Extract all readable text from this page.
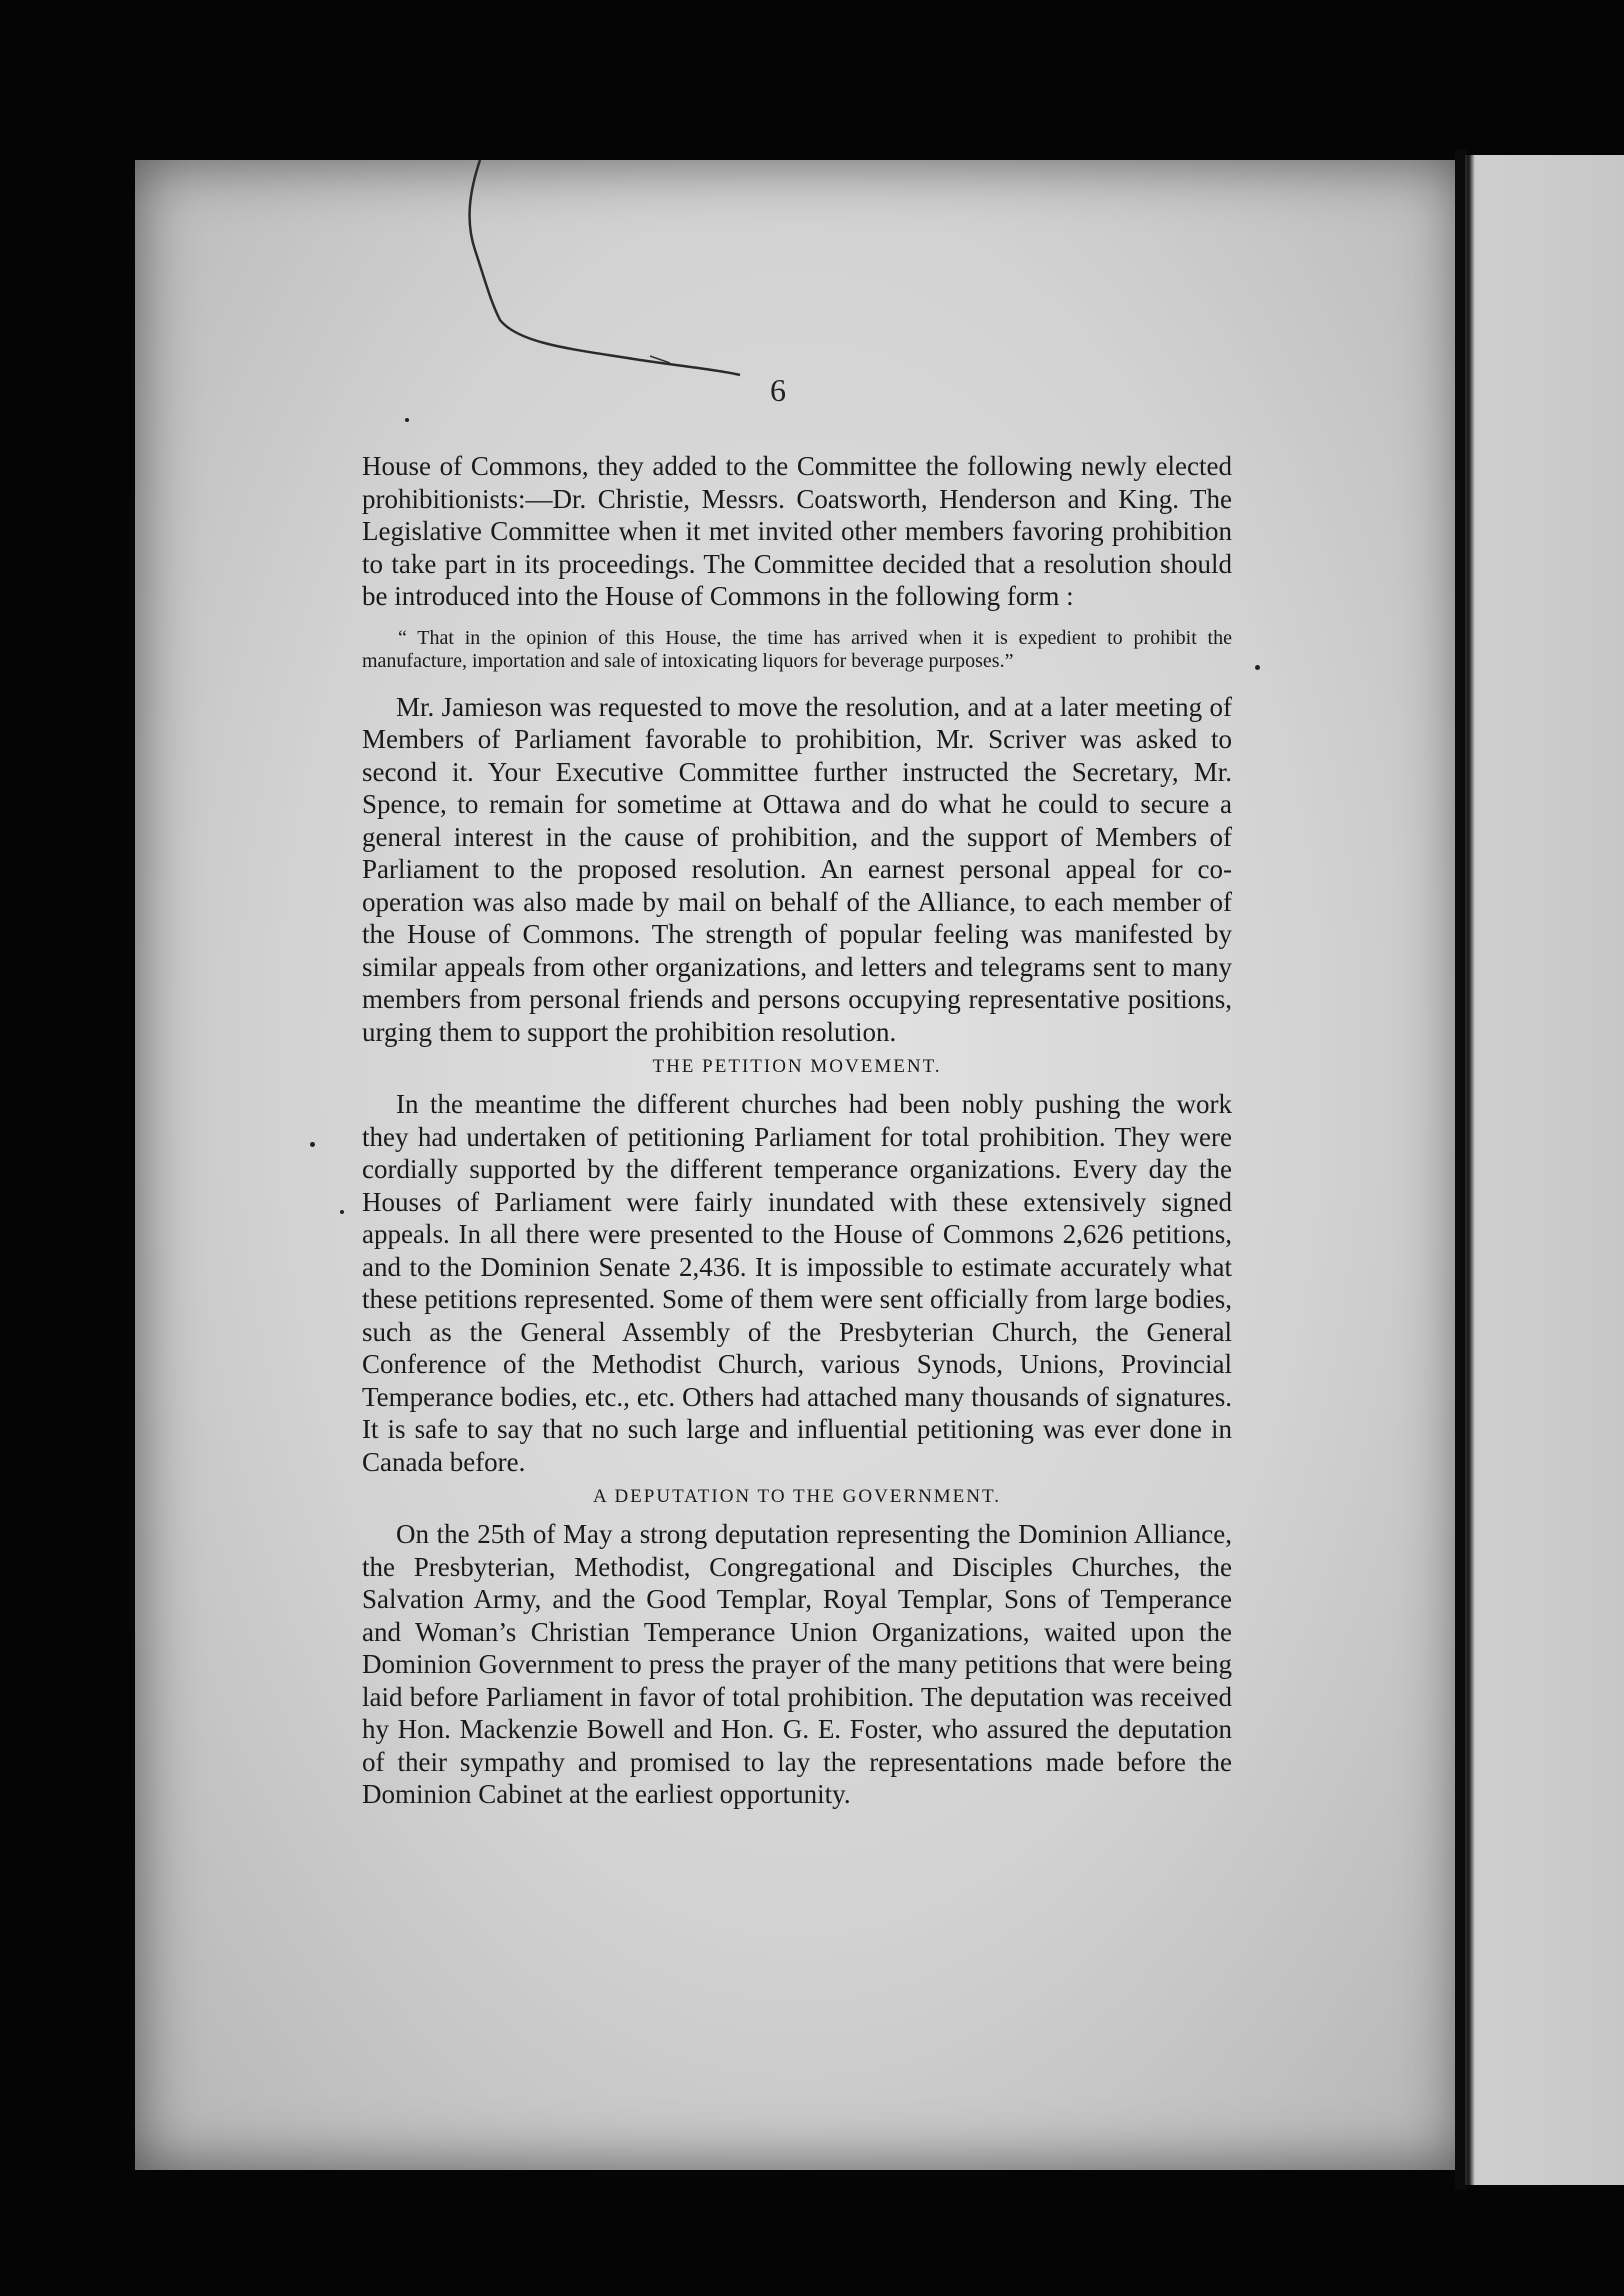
6

House of Commons, they added to the Committee the following newly elected prohibitionists:—Dr. Christie, Messrs. Coatsworth, Henderson and King. The Legislative Committee when it met invited other members favoring prohibition to take part in its proceedings. The Committee decided that a resolution should be introduced into the House of Commons in the following form :

“ That in the opinion of this House, the time has arrived when it is expedient to prohibit the manufacture, importation and sale of intoxicating liquors for beverage purposes.”

Mr. Jamieson was requested to move the resolution, and at a later meeting of Members of Parliament favorable to prohibition, Mr. Scriver was asked to second it. Your Executive Committee further instructed the Secretary, Mr. Spence, to remain for sometime at Ottawa and do what he could to secure a general interest in the cause of prohibition, and the support of Members of Parliament to the proposed resolution. An earnest personal appeal for co-operation was also made by mail on behalf of the Alliance, to each member of the House of Commons. The strength of popular feeling was manifested by similar appeals from other organizations, and letters and telegrams sent to many members from personal friends and persons occupying representative positions, urging them to support the prohibition resolution.

THE PETITION MOVEMENT.

In the meantime the different churches had been nobly pushing the work they had undertaken of petitioning Parliament for total prohibition. They were cordially supported by the different temperance organizations. Every day the Houses of Parliament were fairly inundated with these extensively signed appeals. In all there were presented to the House of Commons 2,626 petitions, and to the Dominion Senate 2,436. It is impossible to estimate accurately what these petitions represented. Some of them were sent officially from large bodies, such as the General Assembly of the Presbyterian Church, the General Conference of the Methodist Church, various Synods, Unions, Provincial Temperance bodies, etc., etc. Others had attached many thousands of signatures. It is safe to say that no such large and influential petitioning was ever done in Canada before.

A DEPUTATION TO THE GOVERNMENT.

On the 25th of May a strong deputation representing the Dominion Alliance, the Presbyterian, Methodist, Congregational and Disciples Churches, the Salvation Army, and the Good Templar, Royal Templar, Sons of Temperance and Woman’s Christian Temperance Union Organizations, waited upon the Dominion Government to press the prayer of the many petitions that were being laid before Parliament in favor of total prohibition. The deputation was received hy Hon. Mackenzie Bowell and Hon. G. E. Foster, who assured the deputation of their sympathy and promised to lay the representations made before the Dominion Cabinet at the earliest opportunity.
